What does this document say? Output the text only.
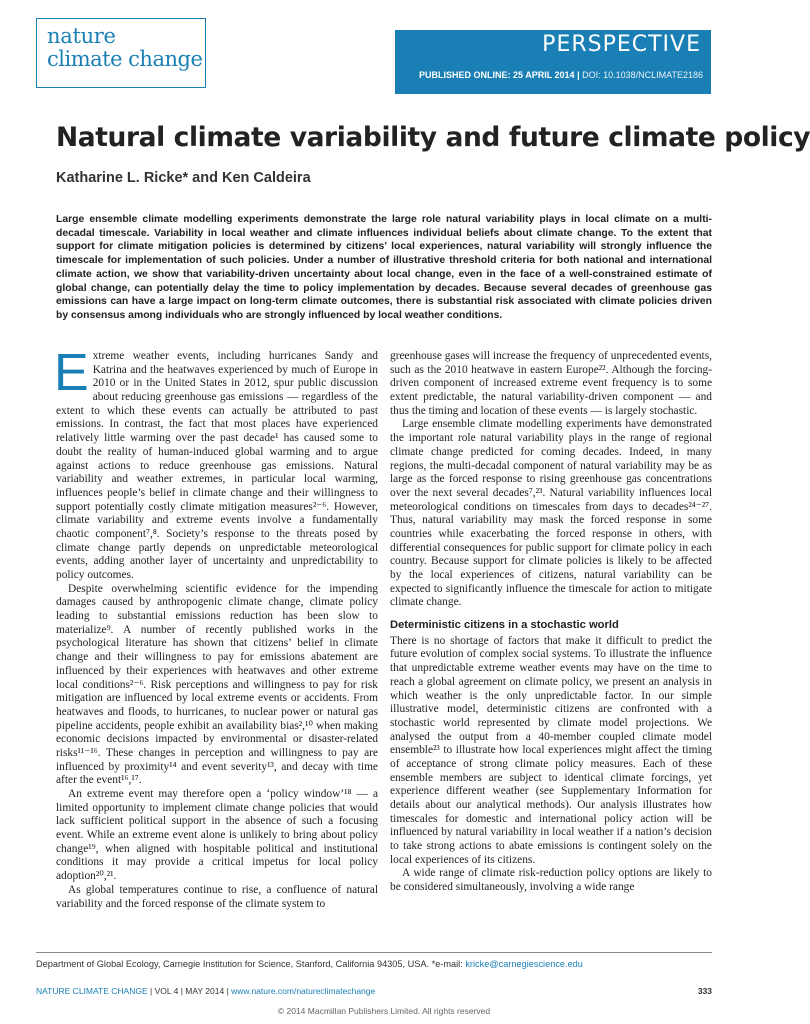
nature
climate change
PERSPECTIVE
PUBLISHED ONLINE: 25 APRIL 2014 | DOI: 10.1038/NCLIMATE2186
Natural climate variability and future climate policy
Katharine L. Ricke* and Ken Caldeira

Large ensemble climate modelling experiments demonstrate the large role natural variability plays in local climate on a multi-decadal timescale. Variability in local weather and climate influences individual beliefs about climate change. To the extent that support for climate mitigation policies is determined by citizens’ local experiences, natural variability will strongly influence the timescale for implementation of such policies. Under a number of illustrative threshold criteria for both national and international climate action, we show that variability-driven uncertainty about local change, even in the face of a well-constrained estimate of global change, can potentially delay the time to policy implementation by decades. Because several decades of greenhouse gas emissions can have a large impact on long-term climate outcomes, there is substantial risk associated with climate policies driven by consensus among individuals who are strongly influenced by local weather conditions.

E xtreme weather events, including hurricanes Sandy and Katrina and the heatwaves experienced by much of Europe in 2010 or in the United States in 2012, spur public discussion about reducing greenhouse gas emissions — regardless of the extent to which these events can actually be attributed to past emissions. In contrast, the fact that most places have experienced relatively little warming over the past decade¹ has caused some to doubt the reality of human-induced global warming and to argue against actions to reduce greenhouse gas emissions. Natural variability and weather extremes, in particular local warming, influences people’s belief in climate change and their willingness to support potentially costly climate mitigation measures²⁻⁶. However, climate variability and extreme events involve a fundamentally chaotic component⁷,⁸. Society’s response to the threats posed by climate change partly depends on unpredictable meteorological events, adding another layer of uncertainty and unpredictability to policy outcomes.

Despite overwhelming scientific evidence for the impending damages caused by anthropogenic climate change, climate policy leading to substantial emissions reduction has been slow to materialize⁹. A number of recently published works in the psychological literature has shown that citizens’ belief in climate change and their willingness to pay for emissions abatement are influenced by their experiences with heatwaves and other extreme local conditions²⁻⁶. Risk perceptions and willingness to pay for risk mitigation are influenced by local extreme events or accidents. From heatwaves and floods, to hurricanes, to nuclear power or natural gas pipeline accidents, people exhibit an availability bias²,¹⁰ when making economic decisions impacted by environmental or disaster-related risks¹¹⁻¹⁶. These changes in perception and willingness to pay are influenced by proximity¹⁴ and event severity¹³, and decay with time after the event¹⁶,¹⁷.

An extreme event may therefore open a ‘policy window’¹⁸ — a limited opportunity to implement climate change policies that would lack sufficient political support in the absence of such a focusing event. While an extreme event alone is unlikely to bring about policy change¹⁹, when aligned with hospitable political and institutional conditions it may provide a critical impetus for local policy adoption²⁰,²¹.

As global temperatures continue to rise, a confluence of natural variability and the forced response of the climate system to

greenhouse gases will increase the frequency of unprecedented events, such as the 2010 heatwave in eastern Europe²². Although the forcing-driven component of increased extreme event frequency is to some extent predictable, the natural variability-driven component — and thus the timing and location of these events — is largely stochastic.

Large ensemble climate modelling experiments have demonstrated the important role natural variability plays in the range of regional climate change predicted for coming decades. Indeed, in many regions, the multi-decadal component of natural variability may be as large as the forced response to rising greenhouse gas concentrations over the next several decades⁷,²³. Natural variability influences local meteorological conditions on timescales from days to decades²⁴⁻²⁷. Thus, natural variability may mask the forced response in some countries while exacerbating the forced response in others, with differential consequences for public support for climate policy in each country. Because support for climate policies is likely to be affected by the local experiences of citizens, natural variability can be expected to significantly influence the timescale for action to mitigate climate change.

Deterministic citizens in a stochastic world

There is no shortage of factors that make it difficult to predict the future evolution of complex social systems. To illustrate the influence that unpredictable extreme weather events may have on the time to reach a global agreement on climate policy, we present an analysis in which weather is the only unpredictable factor. In our simple illustrative model, deterministic citizens are confronted with a stochastic world represented by climate model projections. We analysed the output from a 40-member coupled climate model ensemble²³ to illustrate how local experiences might affect the timing of acceptance of strong climate policy measures. Each of these ensemble members are subject to identical climate forcings, yet experience different weather (see Supplementary Information for details about our analytical methods). Our analysis illustrates how timescales for domestic and international policy action will be influenced by natural variability in local weather if a nation’s decision to take strong actions to abate emissions is contingent solely on the local experiences of its citizens.

A wide range of climate risk-reduction policy options are likely to be considered simultaneously, involving a wide range

Department of Global Ecology, Carnegie Institution for Science, Stanford, California 94305, USA. *e-mail: kricke@carnegiescience.edu
NATURE CLIMATE CHANGE | VOL 4 | MAY 2014 | www.nature.com/natureclimatechange	333
© 2014 Macmillan Publishers Limited. All rights reserved
